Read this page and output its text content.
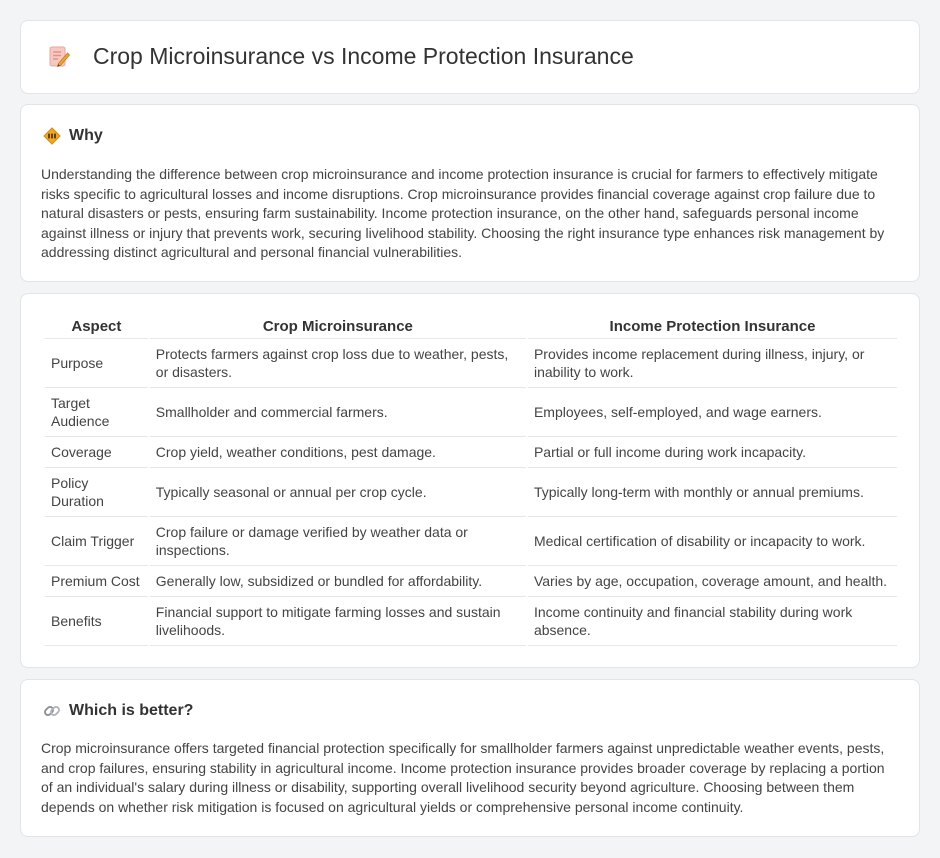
Crop Microinsurance vs Income Protection Insurance
Why

Understanding the difference between crop microinsurance and income protection insurance is crucial for farmers to effectively mitigate risks specific to agricultural losses and income disruptions. Crop microinsurance provides financial coverage against crop failure due to natural disasters or pests, ensuring farm sustainability. Income protection insurance, on the other hand, safeguards personal income against illness or injury that prevents work, securing livelihood stability. Choosing the right insurance type enhances risk management by addressing distinct agricultural and personal financial vulnerabilities.

Aspect	Crop Microinsurance	Income Protection Insurance
Purpose	Protects farmers against crop loss due to weather, pests, or disasters.	Provides income replacement during illness, injury, or inability to work.
Target Audience	Smallholder and commercial farmers.	Employees, self-employed, and wage earners.
Coverage	Crop yield, weather conditions, pest damage.	Partial or full income during work incapacity.
Policy Duration	Typically seasonal or annual per crop cycle.	Typically long-term with monthly or annual premiums.
Claim Trigger	Crop failure or damage verified by weather data or inspections.	Medical certification of disability or incapacity to work.
Premium Cost	Generally low, subsidized or bundled for affordability.	Varies by age, occupation, coverage amount, and health.
Benefits	Financial support to mitigate farming losses and sustain livelihoods.	Income continuity and financial stability during work absence.
Which is better?

Crop microinsurance offers targeted financial protection specifically for smallholder farmers against unpredictable weather events, pests, and crop failures, ensuring stability in agricultural income. Income protection insurance provides broader coverage by replacing a portion of an individual's salary during illness or disability, supporting overall livelihood security beyond agriculture. Choosing between them depends on whether risk mitigation is focused on agricultural yields or comprehensive personal income continuity.
